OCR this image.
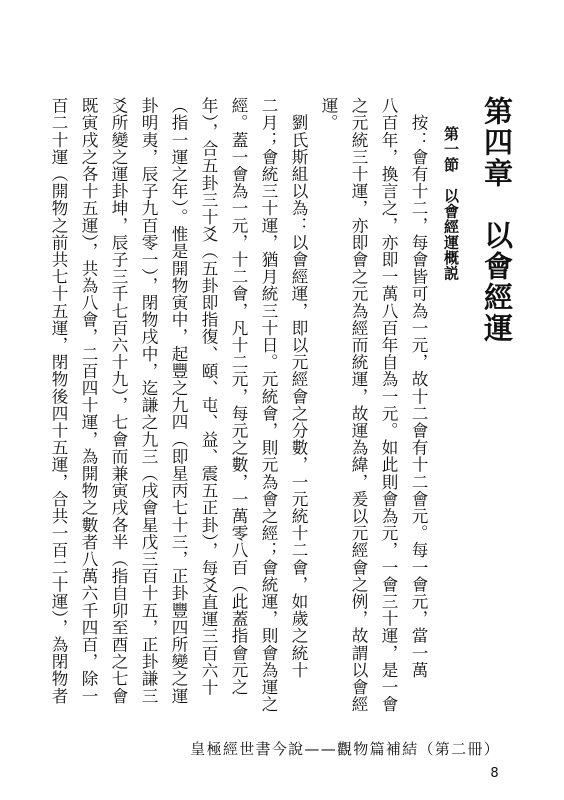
第四章　以會經運
第一節　以會經運概説
　按：會有十二，每會皆可為一元，故十二會有十二會元。每一會元，當一萬
八百年，換言之，亦即一萬八百年自為一元。如此則會為元，一會三十運，是一會
之元統三十運，亦即會之元為經而統運，故運為緯，爰以元經會之例，故謂以會經
運。
　劉氏斯組以為：以會經運，即以元經會之分數，一元統十二會，如歲之統十
二月；會統三十運，猶月統三十日。元統會，則元為會之經；會統運，則會為運之
經。蓋一會為一元，十二會，凡十二元，每元之數，一萬零八百（此蓋指會元之
年），合五卦三十爻（五卦即指復、頤、屯、益、震五正卦），每爻直運三百六十
（指一運之年）。惟是開物寅中，起豐之九四（即星丙七十三，正卦豐四所變之運
卦明夷，辰子九百零一），閉物戌中，迄謙之九三（戌會星戊三百十五，正卦謙三
爻所變之運卦坤，辰子三千七百六十九），七會而兼寅戌各半（指自卯至酉之七會
既寅戌之各十五運），共為八會，二百四十運，為開物之數者八萬六千四百，除一
百二十運（開物之前共七十五運，閉物後四十五運，合共一百二十運），為閉物者
皇極經世書今說——觀物篇補結（第二冊）
8
